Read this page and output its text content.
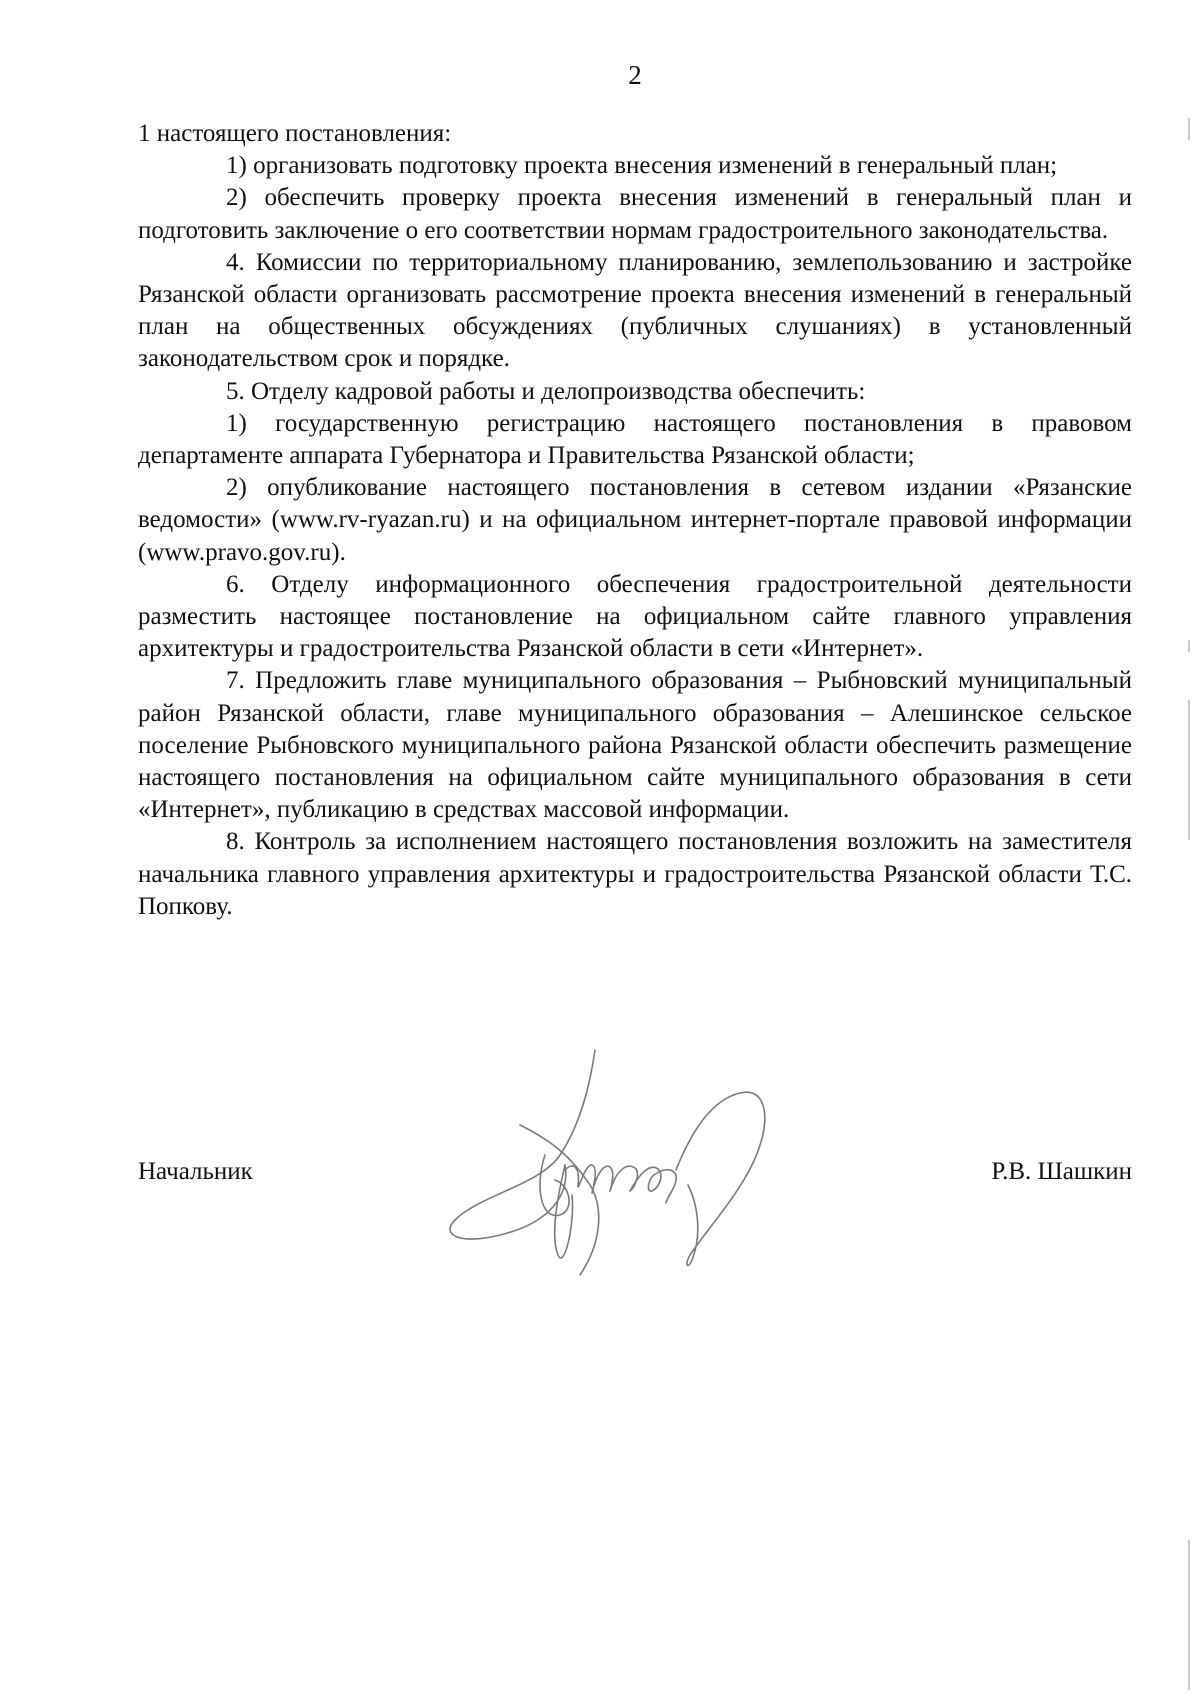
2

1 настоящего постановления:

1) организовать подготовку проекта внесения изменений в генеральный план;

2) обеспечить проверку проекта внесения изменений в генеральный план и подготовить заключение о его соответствии нормам градостроительного законодательства.

4. Комиссии по территориальному планированию, землепользованию и застройке Рязанской области организовать рассмотрение проекта внесения изменений в генеральный план на общественных обсуждениях (публичных слушаниях) в установленный законодательством срок и порядке.

5. Отделу кадровой работы и делопроизводства обеспечить:

1) государственную регистрацию настоящего постановления в правовом департаменте аппарата Губернатора и Правительства Рязанской области;

2) опубликование настоящего постановления в сетевом издании «Рязанские ведомости» (www.rv-ryazan.ru) и на официальном интернет-портале правовой информации (www.pravo.gov.ru).

6. Отделу информационного обеспечения градостроительной деятельности разместить настоящее постановление на официальном сайте главного управления архитектуры и градостроительства Рязанской области в сети «Интернет».

7. Предложить главе муниципального образования – Рыбновский муниципальный район Рязанской области, главе муниципального образования – Алешинское сельское поселение Рыбновского муниципального района Рязанской области обеспечить размещение настоящего постановления на официальном сайте муниципального образования в сети «Интернет», публикацию в средствах массовой информации.

8. Контроль за исполнением настоящего постановления возложить на заместителя начальника главного управления архитектуры и градостроительства Рязанской области Т.С. Попкову.

Начальник	Р.В. Шашкин
